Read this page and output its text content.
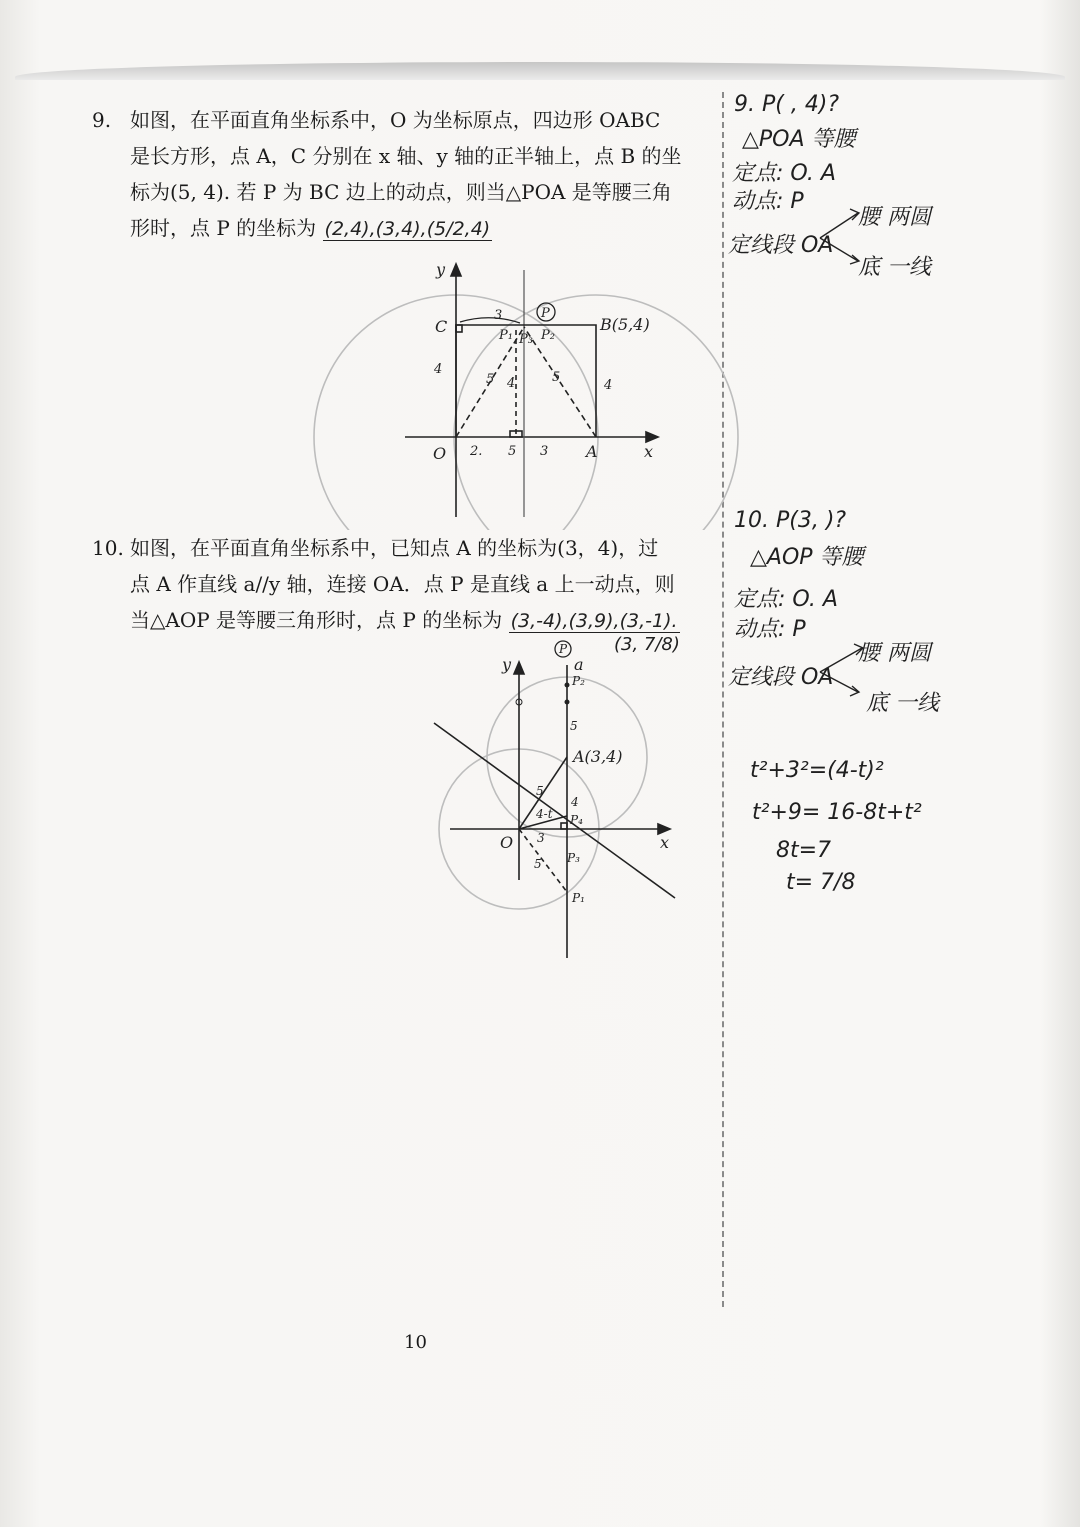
9. 如图，在平面直角坐标系中，O 为坐标原点，四边形 OABC
是长方形，点 A，C 分别在 x 轴、y 轴的正半轴上，点 B 的坐
标为(5, 4). 若 P 为 BC 边上的动点，则当△POA 是等腰三角
形时，点 P 的坐标为 (2,4),(3,4),(5/2,4)
y
x
O	A
C	B(5,4)
P
P₁ P₂
P₃
4
4
3
5	5
4
2. 5 3
10. 如图，在平面直角坐标系中，已知点 A 的坐标为(3，4)，过
点 A 作直线 a//y 轴，连接 OA．点 P 是直线 a 上一动点，则
当△AOP 是等腰三角形时，点 P 的坐标为 (3,-4),(3,9),(3,-1).
(3, 7/8)
y
x
O
a
A(3,4)
P
P₂
P₄
P₃
P₁
5
5
4
4-t
3
5
9. P( , 4)?
△POA 等腰
定点: O. A
动点: P
定线段 OA
腰 两圆
底 一线
10. P(3, )?
△AOP 等腰
定点: O. A
动点: P
定线段 OA
腰 两圆
底 一线
t²+3²=(4-t)²
t²+9= 16-8t+t²
8t=7
t= 7/8
10
